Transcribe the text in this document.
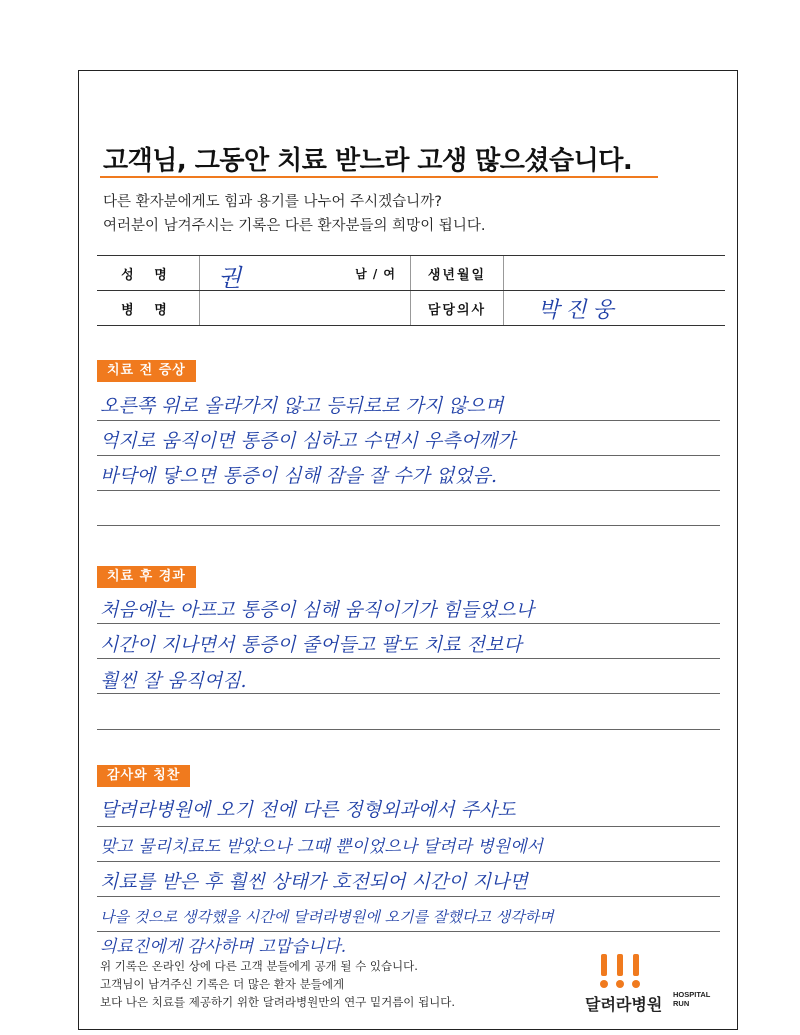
고객님, 그동안 치료 받느라 고생 많으셨습니다.
다른 환자분에게도 힘과 용기를 나누어 주시겠습니까?
여러분이 남겨주시는 기록은 다른 환자분들의 희망이 됩니다.
성 명	권 남 / 여	생년월일	
병 명		담당의사	박진웅
치료 전 증상
오른쪽 위로 올라가지 않고 등뒤로로 가지 않으며
억지로 움직이면 통증이 심하고 수면시 우측어깨가
바닥에 닿으면 통증이 심해 잠을 잘 수가 없었음.
치료 후 경과
처음에는 아프고 통증이 심해 움직이기가 힘들었으나
시간이 지나면서 통증이 줄어들고 팔도 치료 전보다
훨씬 잘 움직여짐.
감사와 칭찬
달려라병원에 오기 전에 다른 정형외과에서 주사도
맞고 물리치료도 받았으나 그때 뿐이었으나 달려라 병원에서
치료를 받은 후 훨씬 상태가 호전되어 시간이 지나면
나을 것으로 생각했을 시간에 달려라병원에 오기를 잘했다고 생각하며
의료진에게 감사하며 고맙습니다.
위 기록은 온라인 상에 다른 고객 분들에게 공개 될 수 있습니다.
고객님이 남겨주신 기록은 더 많은 환자 분들에게
보다 나은 치료를 제공하기 위한 달려라병원만의 연구 밑거름이 됩니다.	달려라병원
HOSPITAL
RUN
